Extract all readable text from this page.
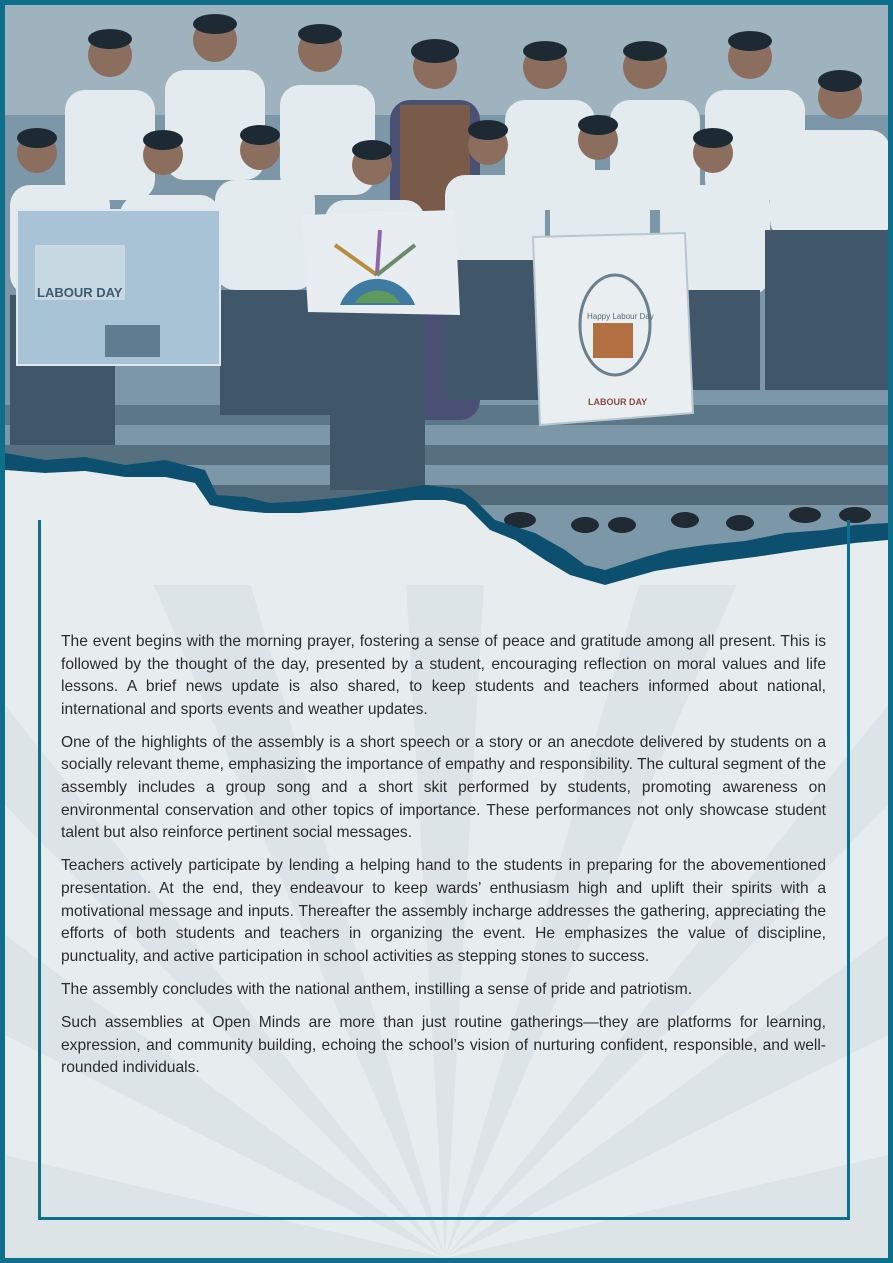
LABOUR DAY
Happy Labour Day
LABOUR DAY

The event begins with the morning prayer, fostering a sense of peace and gratitude among all present. This is followed by the thought of the day, presented by a student, encouraging reflection on moral values and life lessons. A brief news update is also shared, to keep students and teachers informed about national, international and sports events and weather updates.

One of the highlights of the assembly is a short speech or a story or an anecdote delivered by students on a socially relevant theme, emphasizing the importance of empathy and responsibility. The cultural segment of the assembly includes a group song and a short skit performed by students, promoting awareness on environmental conservation and other topics of importance. These performances not only showcase student talent but also reinforce pertinent social messages.

Teachers actively participate by lending a helping hand to the students in preparing for the abovementioned presentation. At the end, they endeavour to keep wards’ enthusiasm high and uplift their spirits with a motivational message and inputs. Thereafter the assembly incharge addresses the gathering, appreciating the efforts of both students and teachers in organizing the event. He emphasizes the value of discipline, punctuality, and active participation in school activities as stepping stones to success.

The assembly concludes with the national anthem, instilling a sense of pride and patriotism.

Such assemblies at Open Minds are more than just routine gatherings—they are platforms for learning, expression, and community building, echoing the school’s vision of nurturing confident, responsible, and well-rounded individuals.
